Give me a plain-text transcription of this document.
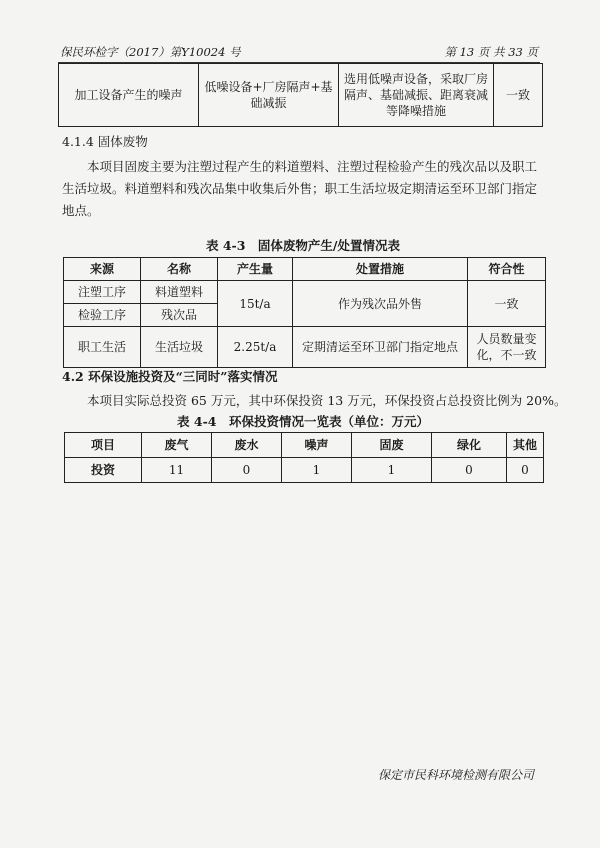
保民环检字（2017）第Y10024 号	第 13 页 共 33 页
加工设备产生的噪声	低噪设备+厂房隔声+基础减振	选用低噪声设备，采取厂房隔声、基础减振、距离衰减等降噪措施	一致
4.1.4 固体废物
本项目固废主要为注塑过程产生的料道塑料、注塑过程检验产生的残次品以及职工生活垃圾。料道塑料和残次品集中收集后外售；职工生活垃圾定期清运至环卫部门指定地点。
表 4-3　固体废物产生/处置情况表
来源	名称	产生量	处置措施	符合性
注塑工序	料道塑料	15t/a	作为残次品外售	一致
检验工序	残次品			
职工生活	生活垃圾	2.25t/a	定期清运至环卫部门指定地点	人员数量变化，不一致
4.2 环保设施投资及“三同时”落实情况
本项目实际总投资 65 万元，其中环保投资 13 万元，环保投资占总投资比例为 20%。
表 4-4　环保投资情况一览表（单位：万元）
项目	废气	废水	噪声	固废	绿化	其他
投资	11	0	1	1	0	0
保定市民科环境检测有限公司
